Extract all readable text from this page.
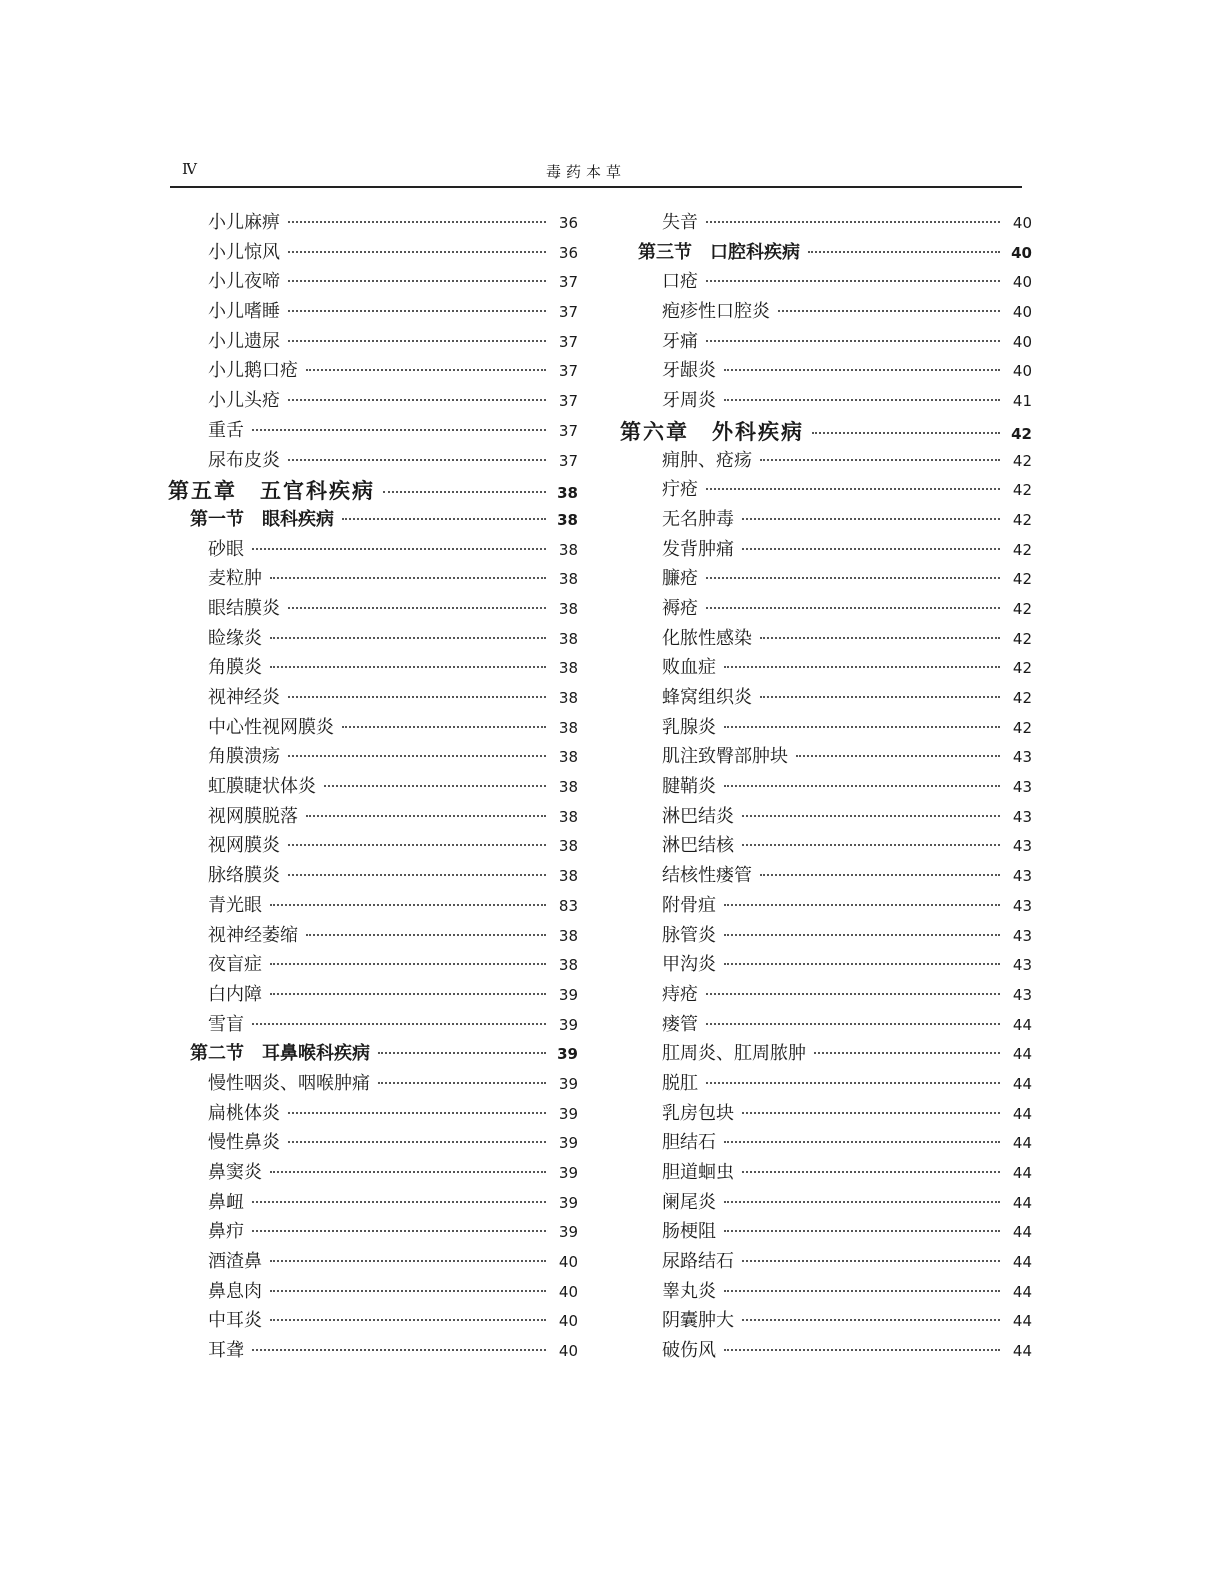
Ⅳ	毒药本草
小儿麻痹	36
小儿惊风	36
小儿夜啼	37
小儿嗜睡	37
小儿遗尿	37
小儿鹅口疮	37
小儿头疮	37
重舌	37
尿布皮炎	37
第五章　五官科疾病	38
第一节　眼科疾病	38
砂眼	38
麦粒肿	38
眼结膜炎	38
睑缘炎	38
角膜炎	38
视神经炎	38
中心性视网膜炎	38
角膜溃疡	38
虹膜睫状体炎	38
视网膜脱落	38
视网膜炎	38
脉络膜炎	38
青光眼	83
视神经萎缩	38
夜盲症	38
白内障	39
雪盲	39
第二节　耳鼻喉科疾病	39
慢性咽炎、咽喉肿痛	39
扁桃体炎	39
慢性鼻炎	39
鼻窦炎	39
鼻衄	39
鼻疖	39
酒渣鼻	40
鼻息肉	40
中耳炎	40
耳聋	40
失音	40
第三节　口腔科疾病	40
口疮	40
疱疹性口腔炎	40
牙痛	40
牙龈炎	40
牙周炎	41
第六章　外科疾病	42
痈肿、疮疡	42
疔疮	42
无名肿毒	42
发背肿痛	42
臁疮	42
褥疮	42
化脓性感染	42
败血症	42
蜂窝组织炎	42
乳腺炎	42
肌注致臀部肿块	43
腱鞘炎	43
淋巴结炎	43
淋巴结核	43
结核性瘘管	43
附骨疽	43
脉管炎	43
甲沟炎	43
痔疮	43
瘘管	44
肛周炎、肛周脓肿	44
脱肛	44
乳房包块	44
胆结石	44
胆道蛔虫	44
阑尾炎	44
肠梗阻	44
尿路结石	44
睾丸炎	44
阴囊肿大	44
破伤风	44
